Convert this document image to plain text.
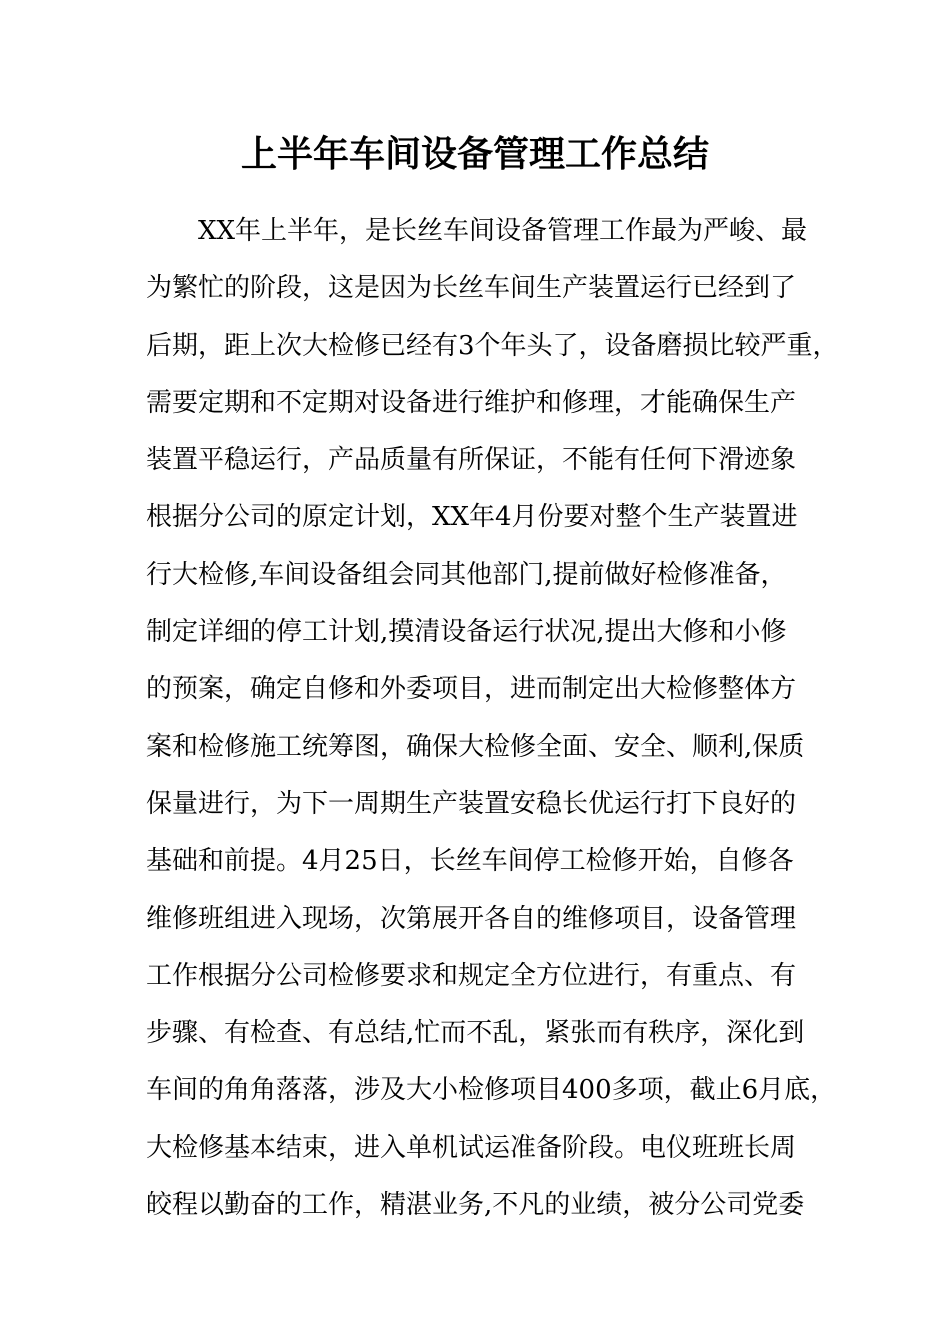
上半年车间设备管理工作总结
XX年上半年，是长丝车间设备管理工作最为严峻、最
为繁忙的阶段，这是因为长丝车间生产装置运行已经到了
后期，距上次大检修已经有3个年头了，设备磨损比较严重，
需要定期和不定期对设备进行维护和修理，才能确保生产
装置平稳运行，产品质量有所保证，不能有任何下滑迹象
根据分公司的原定计划，XX年4月份要对整个生产装置进
行大检修,车间设备组会同其他部门,提前做好检修准备，
制定详细的停工计划,摸清设备运行状况,提出大修和小修
的预案，确定自修和外委项目，进而制定出大检修整体方
案和检修施工统筹图，确保大检修全面、安全、顺利,保质
保量进行，为下一周期生产装置安稳长优运行打下良好的
基础和前提。4月25日，长丝车间停工检修开始，自修各
维修班组进入现场，次第展开各自的维修项目，设备管理
工作根据分公司检修要求和规定全方位进行，有重点、有
步骤、有检查、有总结,忙而不乱，紧张而有秩序，深化到
车间的角角落落，涉及大小检修项目400多项，截止6月底，
大检修基本结束，进入单机试运准备阶段。电仪班班长周
皎程以勤奋的工作，精湛业务,不凡的业绩，被分公司党委
